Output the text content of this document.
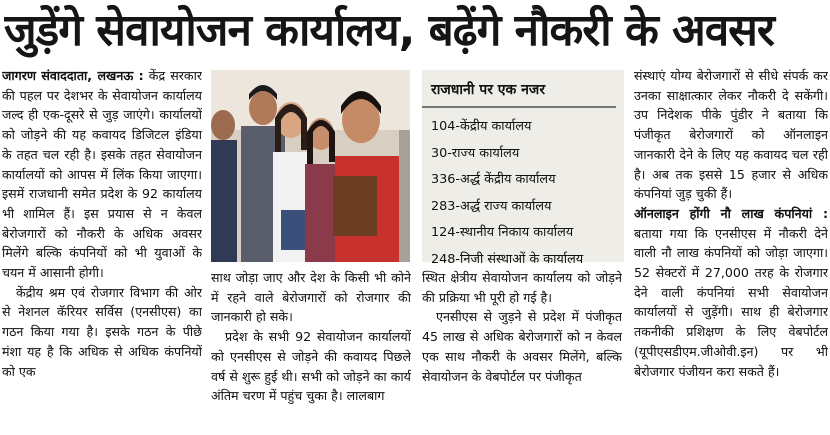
जुड़ेंगे सेवायोजन कार्यालय, बढ़ेंगे नौकरी के अवसर

जागरण संवाददाता, लखनऊ : केंद्र सरकार की पहल पर देशभर के सेवायोजन कार्यालय जल्द ही एक-दूसरे से जुड़ जाएंगे। कार्यालयों को जोड़ने की यह कवायद डिजिटल इंडिया के तहत चल रही है। इसके तहत सेवायोजन कार्यालयों को आपस में लिंक किया जाएगा। इसमें राजधानी समेत प्रदेश के 92 कार्यालय भी शामिल हैं। इस प्रयास से न केवल बेरोजगारों को नौकरी के अधिक अवसर मिलेंगे बल्कि कंपनियों को भी युवाओं के चयन में आसानी होगी।

केंद्रीय श्रम एवं रोजगार विभाग की ओर से नेशनल कॅरियर सर्विस (एनसीएस) का गठन किया गया है। इसके गठन के पीछे मंशा यह है कि अधिक से अधिक कंपनियों को एक

राजधानी पर एक नजर
104-केंद्रीय कार्यालय
30-राज्य कार्यालय
336-अर्द्ध केंद्रीय कार्यालय
283-अर्द्ध राज्य कार्यालय
124-स्थानीय निकाय कार्यालय
248-निजी संस्थाओं के कार्यालय

साथ जोड़ा जाए और देश के किसी भी कोने में रहने वाले बेरोजगारों को रोजगार की जानकारी हो सके।

प्रदेश के सभी 92 सेवायोजन कार्यालयों को एनसीएस से जोड़ने की कवायद पिछले वर्ष से शुरू हुई थी। सभी को जोड़ने का कार्य अंतिम चरण में पहुंच चुका है। लालबाग

स्थित क्षेत्रीय सेवायोजन कार्यालय को जोड़ने की प्रक्रिया भी पूरी हो गई है।

एनसीएस से जुड़ने से प्रदेश में पंजीकृत 45 लाख से अधिक बेरोजगारों को न केवल एक साथ नौकरी के अवसर मिलेंगे, बल्कि सेवायोजन के वेबपोर्टल पर पंजीकृत

संस्थाएं योग्य बेरोजगारों से सीधे संपर्क कर उनका साक्षात्कार लेकर नौकरी दे सकेंगी। उप निदेशक पीके पुंडीर ने बताया कि पंजीकृत बेरोजगारों को ऑनलाइन जानकारी देने के लिए यह कवायद चल रही है। अब तक इससे 15 हजार से अधिक कंपनियां जुड़ चुकी हैं।

ऑनलाइन होंगी नौ लाख कंपनियां : बताया गया कि एनसीएस में नौकरी देने वाली नौ लाख कंपनियों को जोड़ा जाएगा। 52 सेक्टरों में 27,000 तरह के रोजगार देने वाली कंपनियां सभी सेवायोजन कार्यालयों से जुड़ेंगी। साथ ही बेरोजगार तकनीकी प्रशिक्षण के लिए वेबपोर्टल (यूपीएसडीएम.जीओवी.इन) पर भी बेरोजगार पंजीयन करा सकते हैं।
